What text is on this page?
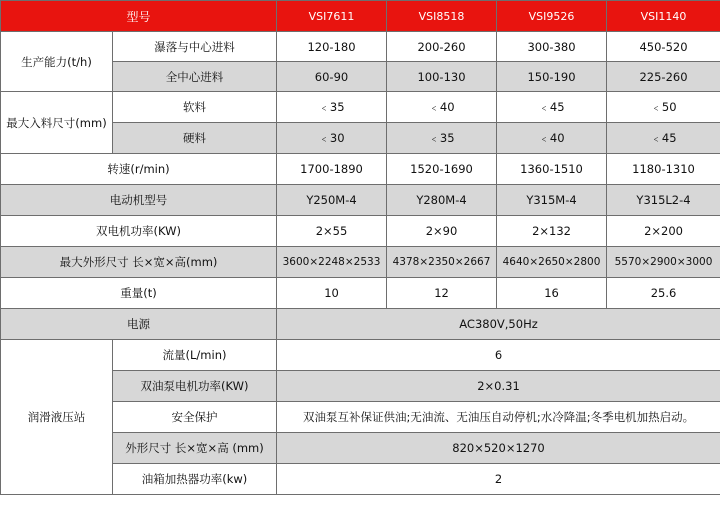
型号		VSI7611	VSI8518	VSI9526	VSI1140
生产能力(t/h)	瀑落与中心进料	120-180	200-260	300-380	450-520
	全中心进料	60-90	100-130	150-190	225-260
最大入料尺寸(mm)	软料	﹤35	﹤40	﹤45	﹤50
	硬料	﹤30	﹤35	﹤40	﹤45
转速(r/min)		1700-1890	1520-1690	1360-1510	1180-1310
电动机型号		Y250M-4	Y280M-4	Y315M-4	Y315L2-4
双电机功率(KW)		2×55	2×90	2×132	2×200
最大外形尺寸 长×宽×高(mm)		3600×2248×2533	4378×2350×2667	4640×2650×2800	5570×2900×3000
重量(t)		10	12	16	25.6
电源		AC380V,50Hz			
润滑液压站	流量(L/min)	6			
	双油泵电机功率(KW)	2×0.31			
	安全保护	双油泵互补保证供油;无油流、无油压自动停机;水冷降温;冬季电机加热启动。			
	外形尺寸 长×宽×高 (mm)	820×520×1270			
	油箱加热器功率(kw)	2			
